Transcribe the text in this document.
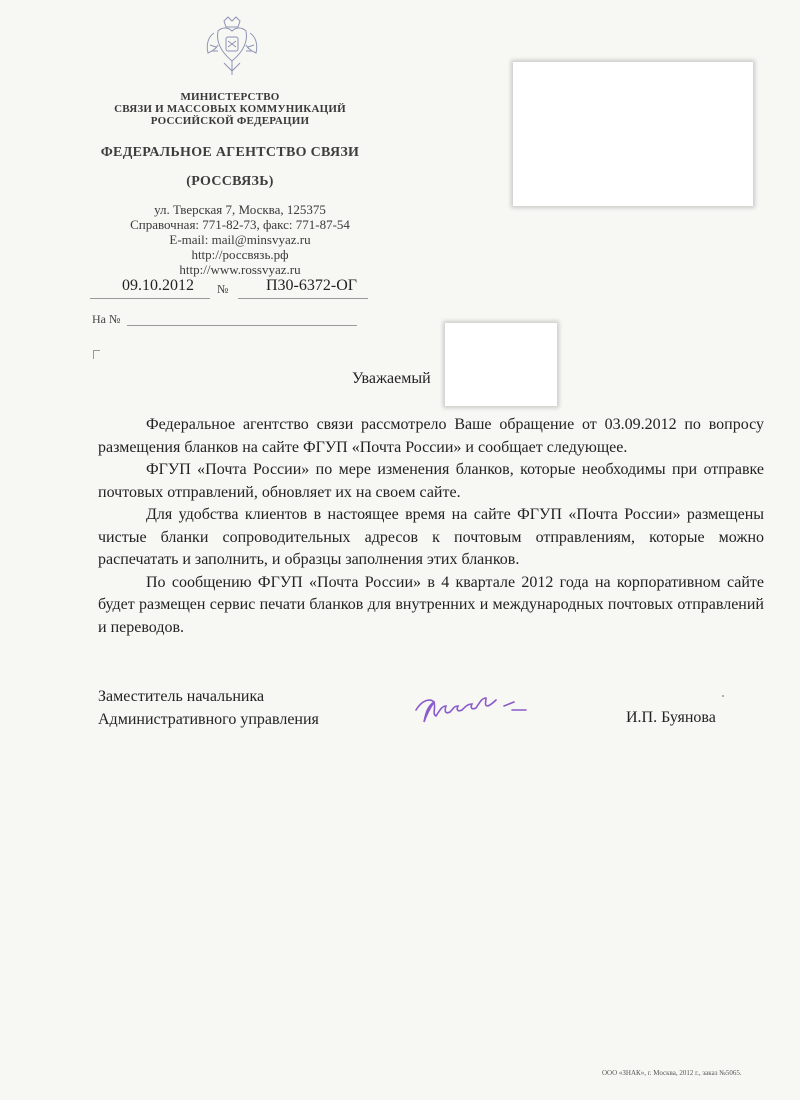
МИНИСТЕРСТВО
СВЯЗИ И МАССОВЫХ КОММУНИКАЦИЙ
РОССИЙСКОЙ ФЕДЕРАЦИИ
ФЕДЕРАЛЬНОЕ АГЕНТСТВО СВЯЗИ
(РОССВЯЗЬ)
ул. Тверская 7, Москва, 125375
Справочная: 771-82-73, факс: 771-87-54
E-mail: mail@minsvyaz.ru
http://россвязь.рф
http://www.rossvyaz.ru
09.10.2012 № П30-6372-ОГ
На №
Уважаемый

Федеральное агентство связи рассмотрело Ваше обращение от 03.09.2012 по вопросу размещения бланков на сайте ФГУП «Почта России» и сообщает следующее.

ФГУП «Почта России» по мере изменения бланков, которые необходимы при отправке почтовых отправлений, обновляет их на своем сайте.

Для удобства клиентов в настоящее время на сайте ФГУП «Почта России» размещены чистые бланки сопроводительных адресов к почтовым отправлениям, которые можно распечатать и заполнить, и образцы заполнения этих бланков.

По сообщению ФГУП «Почта России» в 4 квартале 2012 года на корпоративном сайте будет размещен сервис печати бланков для внутренних и международных почтовых отправлений и переводов.

Заместитель начальника
Административного управления	И.П. Буянова
ООО «ЗНАК», г. Москва, 2012 г., заказ №5065.
